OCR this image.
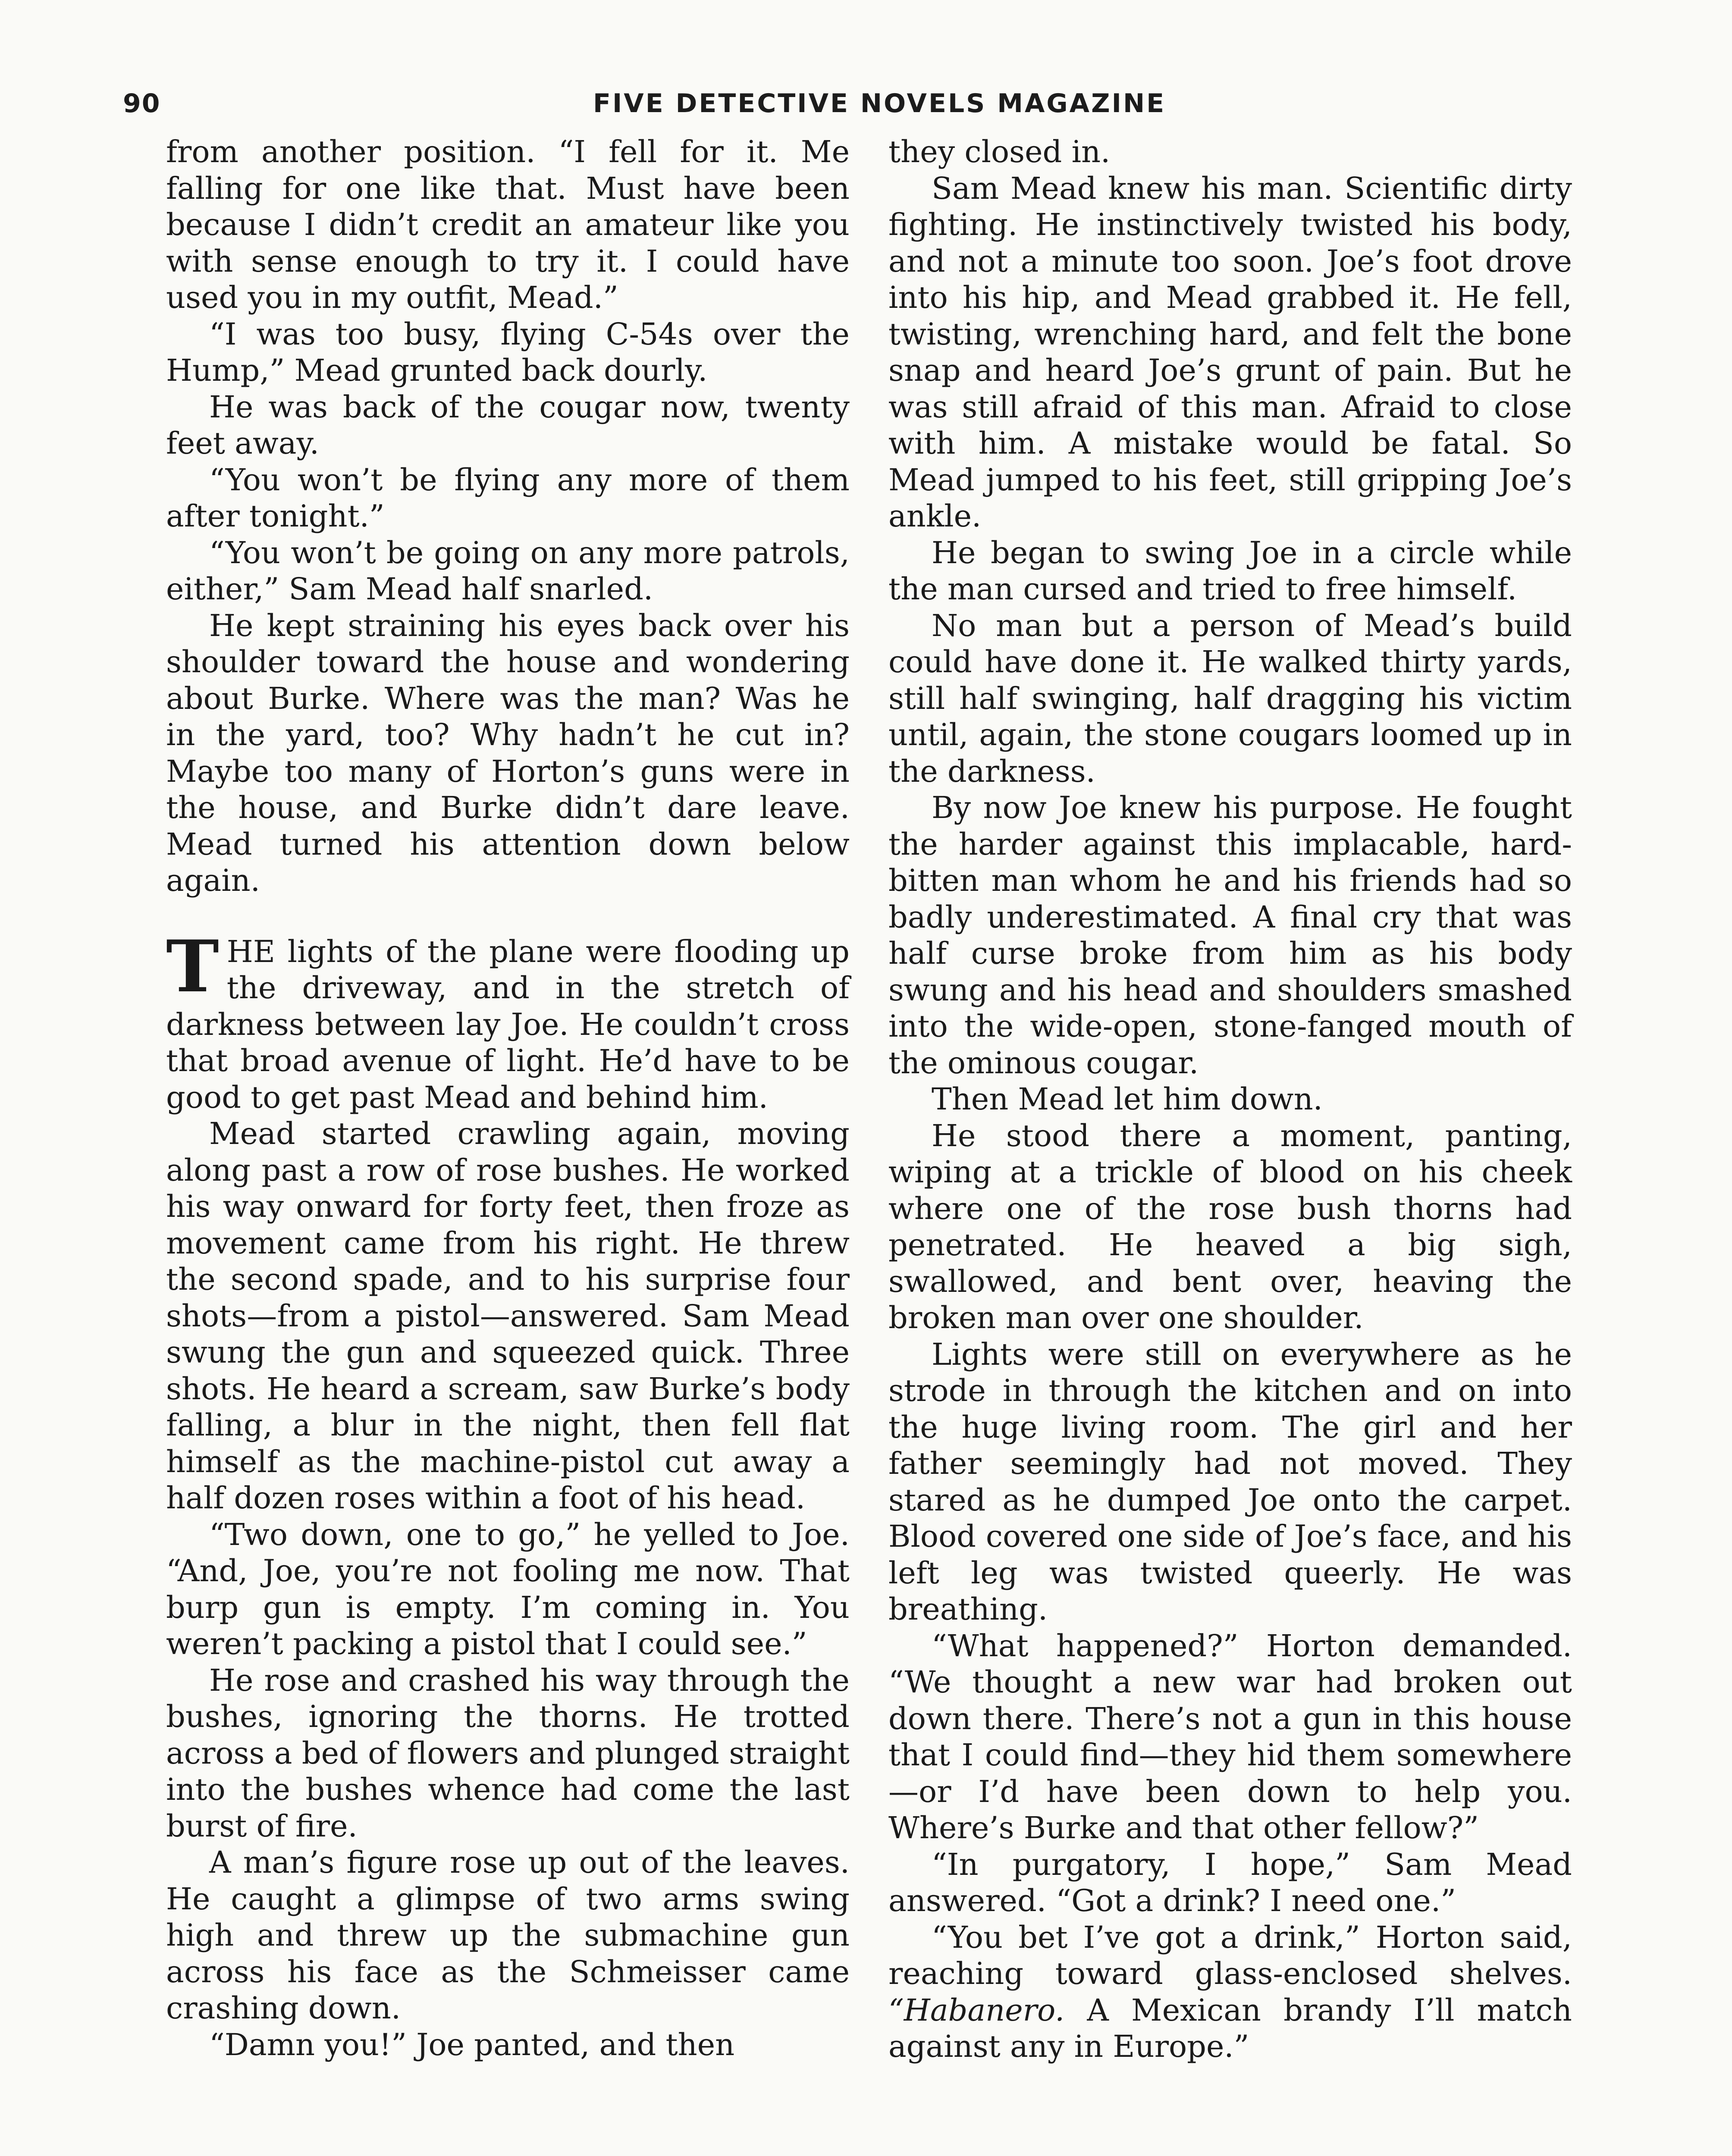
90	FIVE DETECTIVE NOVELS MAGAZINE

from another position. “I fell for it. Me falling for one like that. Must have been because I didn’t credit an amateur like you with sense enough to try it. I could have used you in my outfit, Mead.”

“I was too busy, flying C-54s over the Hump,” Mead grunted back dourly.

He was back of the cougar now, twenty feet away.

“You won’t be flying any more of them after tonight.”

“You won’t be going on any more patrols, either,” Sam Mead half snarled.

He kept straining his eyes back over his shoulder toward the house and wondering about Burke. Where was the man? Was he in the yard, too? Why hadn’t he cut in? Maybe too many of Horton’s guns were in the house, and Burke didn’t dare leave. Mead turned his attention down below again.

THE lights of the plane were flooding up the driveway, and in the stretch of darkness between lay Joe. He couldn’t cross that broad avenue of light. He’d have to be good to get past Mead and behind him.

Mead started crawling again, moving along past a row of rose bushes. He worked his way onward for forty feet, then froze as movement came from his right. He threw the second spade, and to his surprise four shots—from a pistol—answered. Sam Mead swung the gun and squeezed quick. Three shots. He heard a scream, saw Burke’s body falling, a blur in the night, then fell flat himself as the machine-pistol cut away a half dozen roses within a foot of his head.

“Two down, one to go,” he yelled to Joe. “And, Joe, you’re not fooling me now. That burp gun is empty. I’m coming in. You weren’t packing a pistol that I could see.”

He rose and crashed his way through the bushes, ignoring the thorns. He trotted across a bed of flowers and plunged straight into the bushes whence had come the last burst of fire.

A man’s figure rose up out of the leaves. He caught a glimpse of two arms swing high and threw up the submachine gun across his face as the Schmeisser came crashing down.

“Damn you!” Joe panted, and then

they closed in.

Sam Mead knew his man. Scientific dirty fighting. He instinctively twisted his body, and not a minute too soon. Joe’s foot drove into his hip, and Mead grabbed it. He fell, twisting, wrenching hard, and felt the bone snap and heard Joe’s grunt of pain. But he was still afraid of this man. Afraid to close with him. A mistake would be fatal. So Mead jumped to his feet, still gripping Joe’s ankle.

He began to swing Joe in a circle while the man cursed and tried to free himself.

No man but a person of Mead’s build could have done it. He walked thirty yards, still half swinging, half dragging his victim until, again, the stone cougars loomed up in the darkness.

By now Joe knew his purpose. He fought the harder against this implacable, hard-bitten man whom he and his friends had so badly underestimated. A final cry that was half curse broke from him as his body swung and his head and shoulders smashed into the wide-open, stone-fanged mouth of the ominous cougar.

Then Mead let him down.

He stood there a moment, panting, wiping at a trickle of blood on his cheek where one of the rose bush thorns had penetrated. He heaved a big sigh, swallowed, and bent over, heaving the broken man over one shoulder.

Lights were still on everywhere as he strode in through the kitchen and on into the huge living room. The girl and her father seemingly had not moved. They stared as he dumped Joe onto the carpet. Blood covered one side of Joe’s face, and his left leg was twisted queerly. He was breathing.

“What happened?” Horton demanded. “We thought a new war had broken out down there. There’s not a gun in this house that I could find—they hid them somewhere—or I’d have been down to help you. Where’s Burke and that other fellow?”

“In purgatory, I hope,” Sam Mead answered. “Got a drink? I need one.”

“You bet I’ve got a drink,” Horton said, reaching toward glass-enclosed shelves. “Habanero. A Mexican brandy I’ll match against any in Europe.”
